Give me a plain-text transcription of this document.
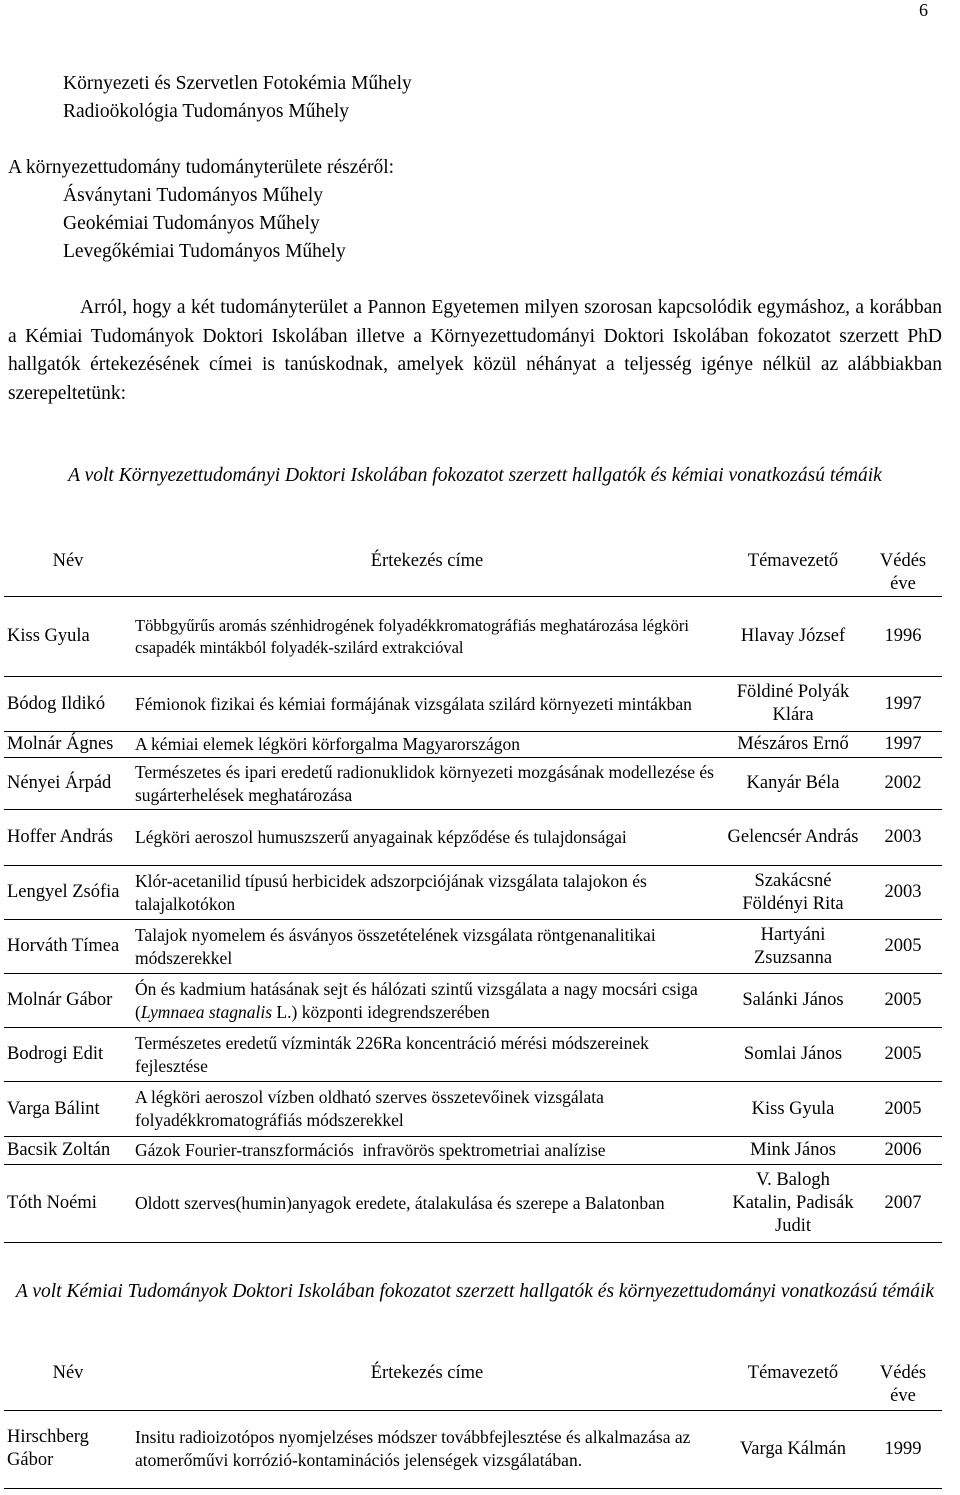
6
Környezeti és Szervetlen Fotokémia Műhely
Radioökológia Tudományos Műhely
A környezettudomány tudományterülete részéről:
Ásványtani Tudományos Műhely
Geokémiai Tudományos Műhely
Levegőkémiai Tudományos Műhely
Arról, hogy a két tudományterület a Pannon Egyetemen milyen szorosan kapcsolódik egymáshoz, a korábban a Kémiai Tudományok Doktori Iskolában illetve a Környezettudományi Doktori Iskolában fokozatot szerzett PhD hallgatók értekezésének címei is tanúskodnak, amelyek közül néhányat a teljesség igénye nélkül az alábbiakban szerepeltetünk:
A volt Környezettudományi Doktori Iskolában fokozatot szerzett hallgatók és kémiai vonatkozású témáik
Név	Értekezés címe	Témavezető	Védés éve
Kiss Gyula	Többgyűrűs aromás szénhidrogének folyadékkromatográfiás meghatározása légköri csapadék mintákból folyadék-szilárd extrakcióval	Hlavay József	1996
Bódog Ildikó	Fémionok fizikai és kémiai formájának vizsgálata szilárd környezeti mintákban	Földiné Polyák Klára	1997
Molnár Ágnes	A kémiai elemek légköri körforgalma Magyarországon	Mészáros Ernő	1997
Nényei Árpád	Természetes és ipari eredetű radionuklidok környezeti mozgásának modellezése és sugárterhelések meghatározása	Kanyár Béla	2002
Hoffer András	Légköri aeroszol humuszszerű anyagainak képződése és tulajdonságai	Gelencsér András	2003
Lengyel Zsófia	Klór-acetanilid típusú herbicidek adszorpciójának vizsgálata talajokon és talajalkotókon	Szakácsné Földényi Rita	2003
Horváth Tímea	Talajok nyomelem és ásványos összetételének vizsgálata röntgenanalitikai módszerekkel	Hartyáni Zsuzsanna	2005
Molnár Gábor	Ón és kadmium hatásának sejt és hálózati szintű vizsgálata a nagy mocsári csiga (Lymnaea stagnalis L.) központi idegrendszerében	Salánki János	2005
Bodrogi Edit	Természetes eredetű vízminták 226Ra koncentráció mérési módszereinek fejlesztése	Somlai János	2005
Varga Bálint	A légköri aeroszol vízben oldható szerves összetevőinek vizsgálata folyadékkromatográfiás módszerekkel	Kiss Gyula	2005
Bacsik Zoltán	Gázok Fourier-transzformációs  infravörös spektrometriai analízise	Mink János	2006
Tóth Noémi	Oldott szerves(humin)anyagok eredete, átalakulása és szerepe a Balatonban	V. Balogh Katalin, Padisák Judit	2007
A volt Kémiai Tudományok Doktori Iskolában fokozatot szerzett hallgatók és környezettudományi vonatkozású témáik
Név	Értekezés címe	Témavezető	Védés éve
Hirschberg Gábor	Insitu radioizotópos nyomjelzéses módszer továbbfejlesztése és alkalmazása az atomerőművi korrózió-kontaminációs jelenségek vizsgálatában.	Varga Kálmán	1999
